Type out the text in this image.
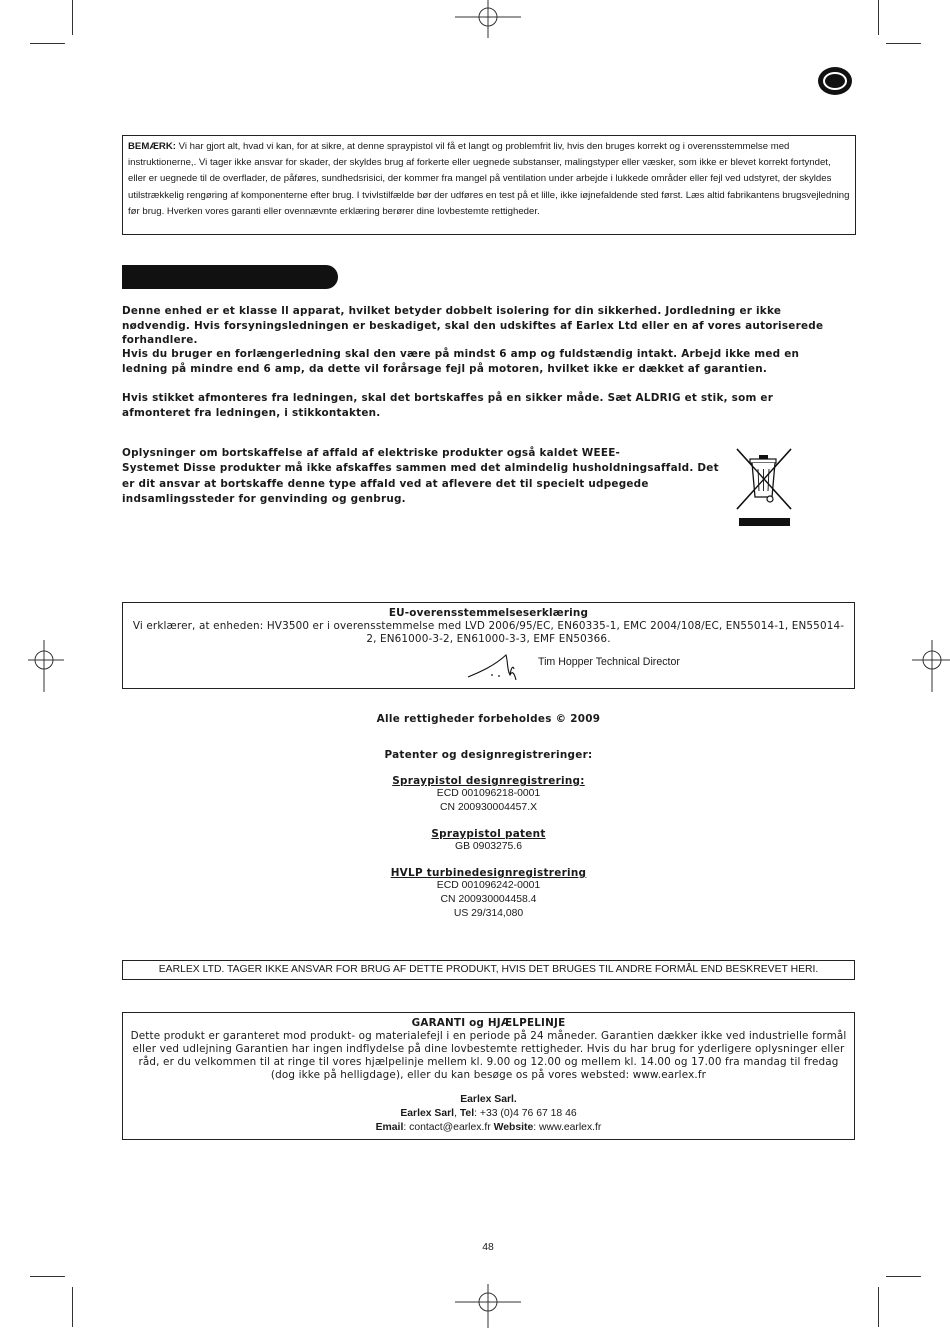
BEMÆRK: Vi har gjort alt, hvad vi kan, for at sikre, at denne spraypistol vil få et langt og problemfrit liv, hvis den bruges korrekt og i overensstemmelse med instruktionerne,. Vi tager ikke ansvar for skader, der skyldes brug af forkerte eller uegnede substanser, malingstyper eller væsker, som ikke er blevet korrekt fortyndet, eller er uegnede til de overflader, de påføres, sundhedsrisici, der kommer fra mangel på ventilation under arbejde i lukkede områder eller fejl ved udstyret, der skyldes utilstrækkelig rengøring af komponenterne efter brug. I tvivlstilfælde bør der udføres en test på et lille, ikke iøjnefaldende sted først. Læs altid fabrikantens brugsvejledning før brug. Hverken vores garanti eller ovennævnte erklæring berører dine lovbestemte rettigheder.
Denne enhed er et klasse ll apparat, hvilket betyder dobbelt isolering for din sikkerhed. Jordledning er ikke nødvendig. Hvis forsyningsledningen er beskadiget, skal den udskiftes af Earlex Ltd eller en af vores autoriserede forhandlere.
Hvis du bruger en forlængerledning skal den være på mindst 6 amp og fuldstændig intakt. Arbejd ikke med en ledning på mindre end 6 amp, da dette vil forårsage fejl på motoren, hvilket ikke er dækket af garantien.
Hvis stikket afmonteres fra ledningen, skal det bortskaffes på en sikker måde. Sæt ALDRIG et stik, som er afmonteret fra ledningen, i stikkontakten.
Oplysninger om bortskaffelse af affald af elektriske produkter også kaldet WEEE-
Systemet Disse produkter må ikke afskaffes sammen med det almindelig husholdningsaffald. Det er dit ansvar at bortskaffe denne type affald ved at aflevere det til specielt udpegede indsamlingssteder for genvinding og genbrug.
EU-overensstemmelseserklæring
Vi erklærer, at enheden: HV3500 er i overensstemmelse med LVD 2006/95/EC, EN60335-1, EMC 2004/108/EC, EN55014-1, EN55014-2, EN61000-3-2, EN61000-3-3, EMF EN50366.
Tim Hopper Technical Director
Alle rettigheder forbeholdes © 2009
Patenter og designregistreringer:
Spraypistol designregistrering:
ECD 001096218-0001
CN 200930004457.X
Spraypistol patent
GB 0903275.6
HVLP turbinedesignregistrering
ECD 001096242-0001
CN 200930004458.4
US 29/314,080
EARLEX LTD. TAGER IKKE ANSVAR FOR BRUG AF DETTE PRODUKT, HVIS DET BRUGES TIL ANDRE FORMÅL END BESKREVET HERI.
GARANTI og HJÆLPELINJE
Dette produkt er garanteret mod produkt- og materialefejl i en periode på 24 måneder. Garantien dækker ikke ved industrielle formål eller ved udlejning Garantien har ingen indflydelse på dine lovbestemte rettigheder. Hvis du har brug for yderligere oplysninger eller råd, er du velkommen til at ringe til vores hjælpelinje mellem kl. 9.00 og 12.00 og mellem kl. 14.00 og 17.00 fra mandag til fredag (dog ikke på helligdage), eller du kan besøge os på vores websted: www.earlex.fr
Earlex Sarl.
Earlex Sarl, Tel: +33 (0)4 76 67 18 46
Email: contact@earlex.fr Website: www.earlex.fr
48
